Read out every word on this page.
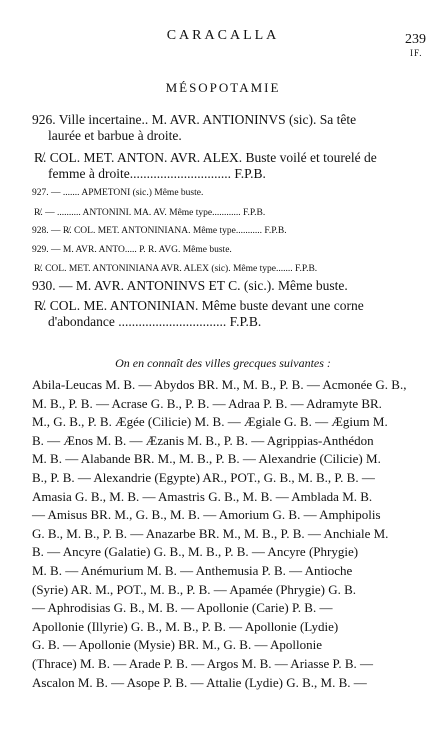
CARACALLA	239
IF.
MÉSOPOTAMIE
926. Ville incertaine.. M. AVR. ANTIONINVS (sic). Sa tête
laurée et barbue à droite.
R̸. COL. MET. ANTON. AVR. ALEX. Buste voilé et tourelé de
femme à droite.............................. F.P.B.
927. — ....... APMETONI (sic.) Même buste.
R̸. — .......... ANTONINI. MA. AV. Même type............ F.P.B.
928. — R̸. COL. MET. ANTONINIANA. Même type........... F.P.B.
929. — M. AVR. ANTO..... P. R. AVG. Même buste.
R̸. COL. MET. ANTONINIANA AVR. ALEX (sic). Même type....... F.P.B.
930. — M. AVR. ANTONINVS ET C. (sic.). Même buste.
R̸. COL. ME. ANTONINIAN. Même buste devant une corne
d'abondance ................................ F.P.B.
On en connaît des villes grecques suivantes :
Abila-Leucas M. B. — Abydos BR. M., M. B., P. B. — Acmonée G. B.,
M. B., P. B. — Acrase G. B., P. B. — Adraa P. B. — Adramyte BR.
M., G. B., P. B. Ægée (Cilicie) M. B. — Ægiale G. B. — Ægium M.
B. — Ænos M. B. — Æzanis M. B., P. B. — Agrippias-Anthédon
M. B. — Alabande BR. M., M. B., P. B. — Alexandrie (Cilicie) M.
B., P. B. — Alexandrie (Egypte) AR., POT., G. B., M. B., P. B. —
Amasia G. B., M. B. — Amastris G. B., M. B. — Amblada M. B.
— Amisus BR. M., G. B., M. B. — Amorium G. B. — Amphipolis
G. B., M. B., P. B. — Anazarbe BR. M., M. B., P. B. — Anchiale M.
B. — Ancyre (Galatie) G. B., M. B., P. B. — Ancyre (Phrygie)
M. B. — Anémurium M. B. — Anthemusia P. B. — Antioche
(Syrie) AR. M., POT., M. B., P. B. — Apamée (Phrygie) G. B.
— Aphrodisias G. B., M. B. — Apollonie (Carie) P. B. —
Apollonie (Illyrie) G. B., M. B., P. B. — Apollonie (Lydie)
G. B. — Apollonie (Mysie) BR. M., G. B. — Apollonie
(Thrace) M. B. — Arade P. B. — Argos M. B. — Ariasse P. B. —
Ascalon M. B. — Asope P. B. — Attalie (Lydie) G. B., M. B. —
